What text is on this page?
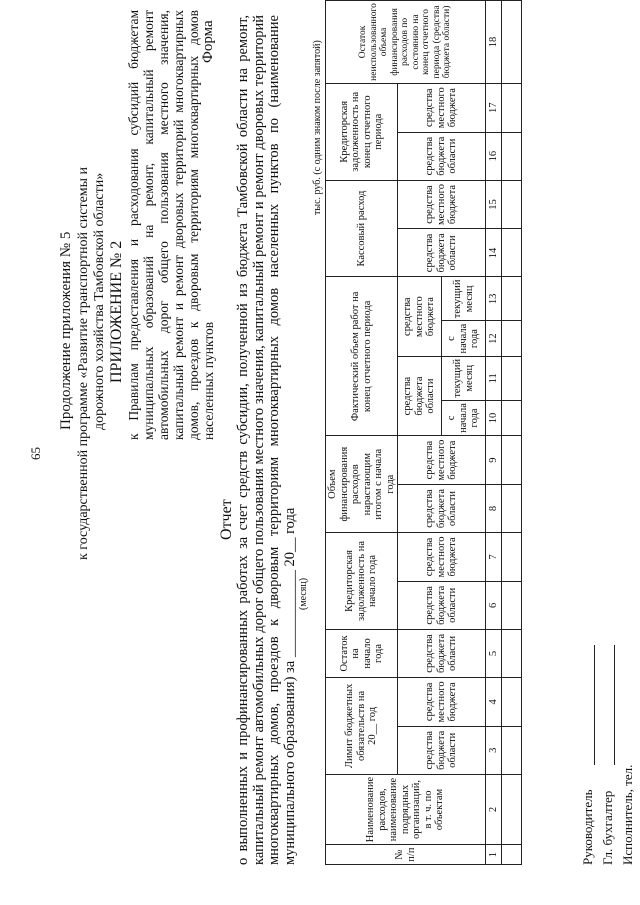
65
Продолжение приложения № 5 к государственной программе «Развитие транспортной системы и дорожного хозяйства Тамбовской области» ПРИЛОЖЕНИЕ № 2 к Правилам предоставления и расходования субсидий бюджетам муниципальных образований на ремонт, капитальный ремонт автомобильных дорог общего пользования местного значения, капитальный ремонт и ремонт дворовых территорий многоквартирных домов, проездов к дворовым территориям многоквартирных домов населенных пунктов
Форма
Отчет о выполненных и профинансированных работах за счет средств субсидии, полученной из бюджета Тамбовской области на ремонт, капитальный ремонт автомобильных дорог общего пользования местного значения, капитальный ремонт и ремонт дворовых территорий многоквартирных домов, проездов к дворовым территориям многоквартирных домов населенных пунктов по (наименование муниципального образования) за ____________ 20__ года (месяц)
тыс. руб. (с одним знаком после запятой)
№ п/п	Наименование расходов, наименование подрядных организаций, в т. ч. по объектам	Лимит бюджетных обязательств на 20__ год		Остаток на начало года	Кредиторская задолженность на начало года		Объем финансирования расходов нарастающим итогом с начала года		Фактический объем работ на конец отчетного периода				Кассовый расход		Кредиторская задолженность на конец отчетного периода		Остаток неиспользованного объема финансирования расходов по состоянию на конец отчетного периода (средства бюджета области)
		средства бюджета области	средства местного бюджета	средства бюджета области	средства бюджета области	средства местного бюджета	средства бюджета области	средства местного бюджета	средства бюджета области		средства местного бюджета		средства бюджета области	средства местного бюджета	средства бюджета области	средства местного бюджета	
									с начала года	текущий месяц	с начала года	текущий месяц					
1	2	3	4	5	6	7	8	9	10	11	12	13	14	15	16	17	18

Руководитель Гл. бухгалтер Исполнитель, тел.
